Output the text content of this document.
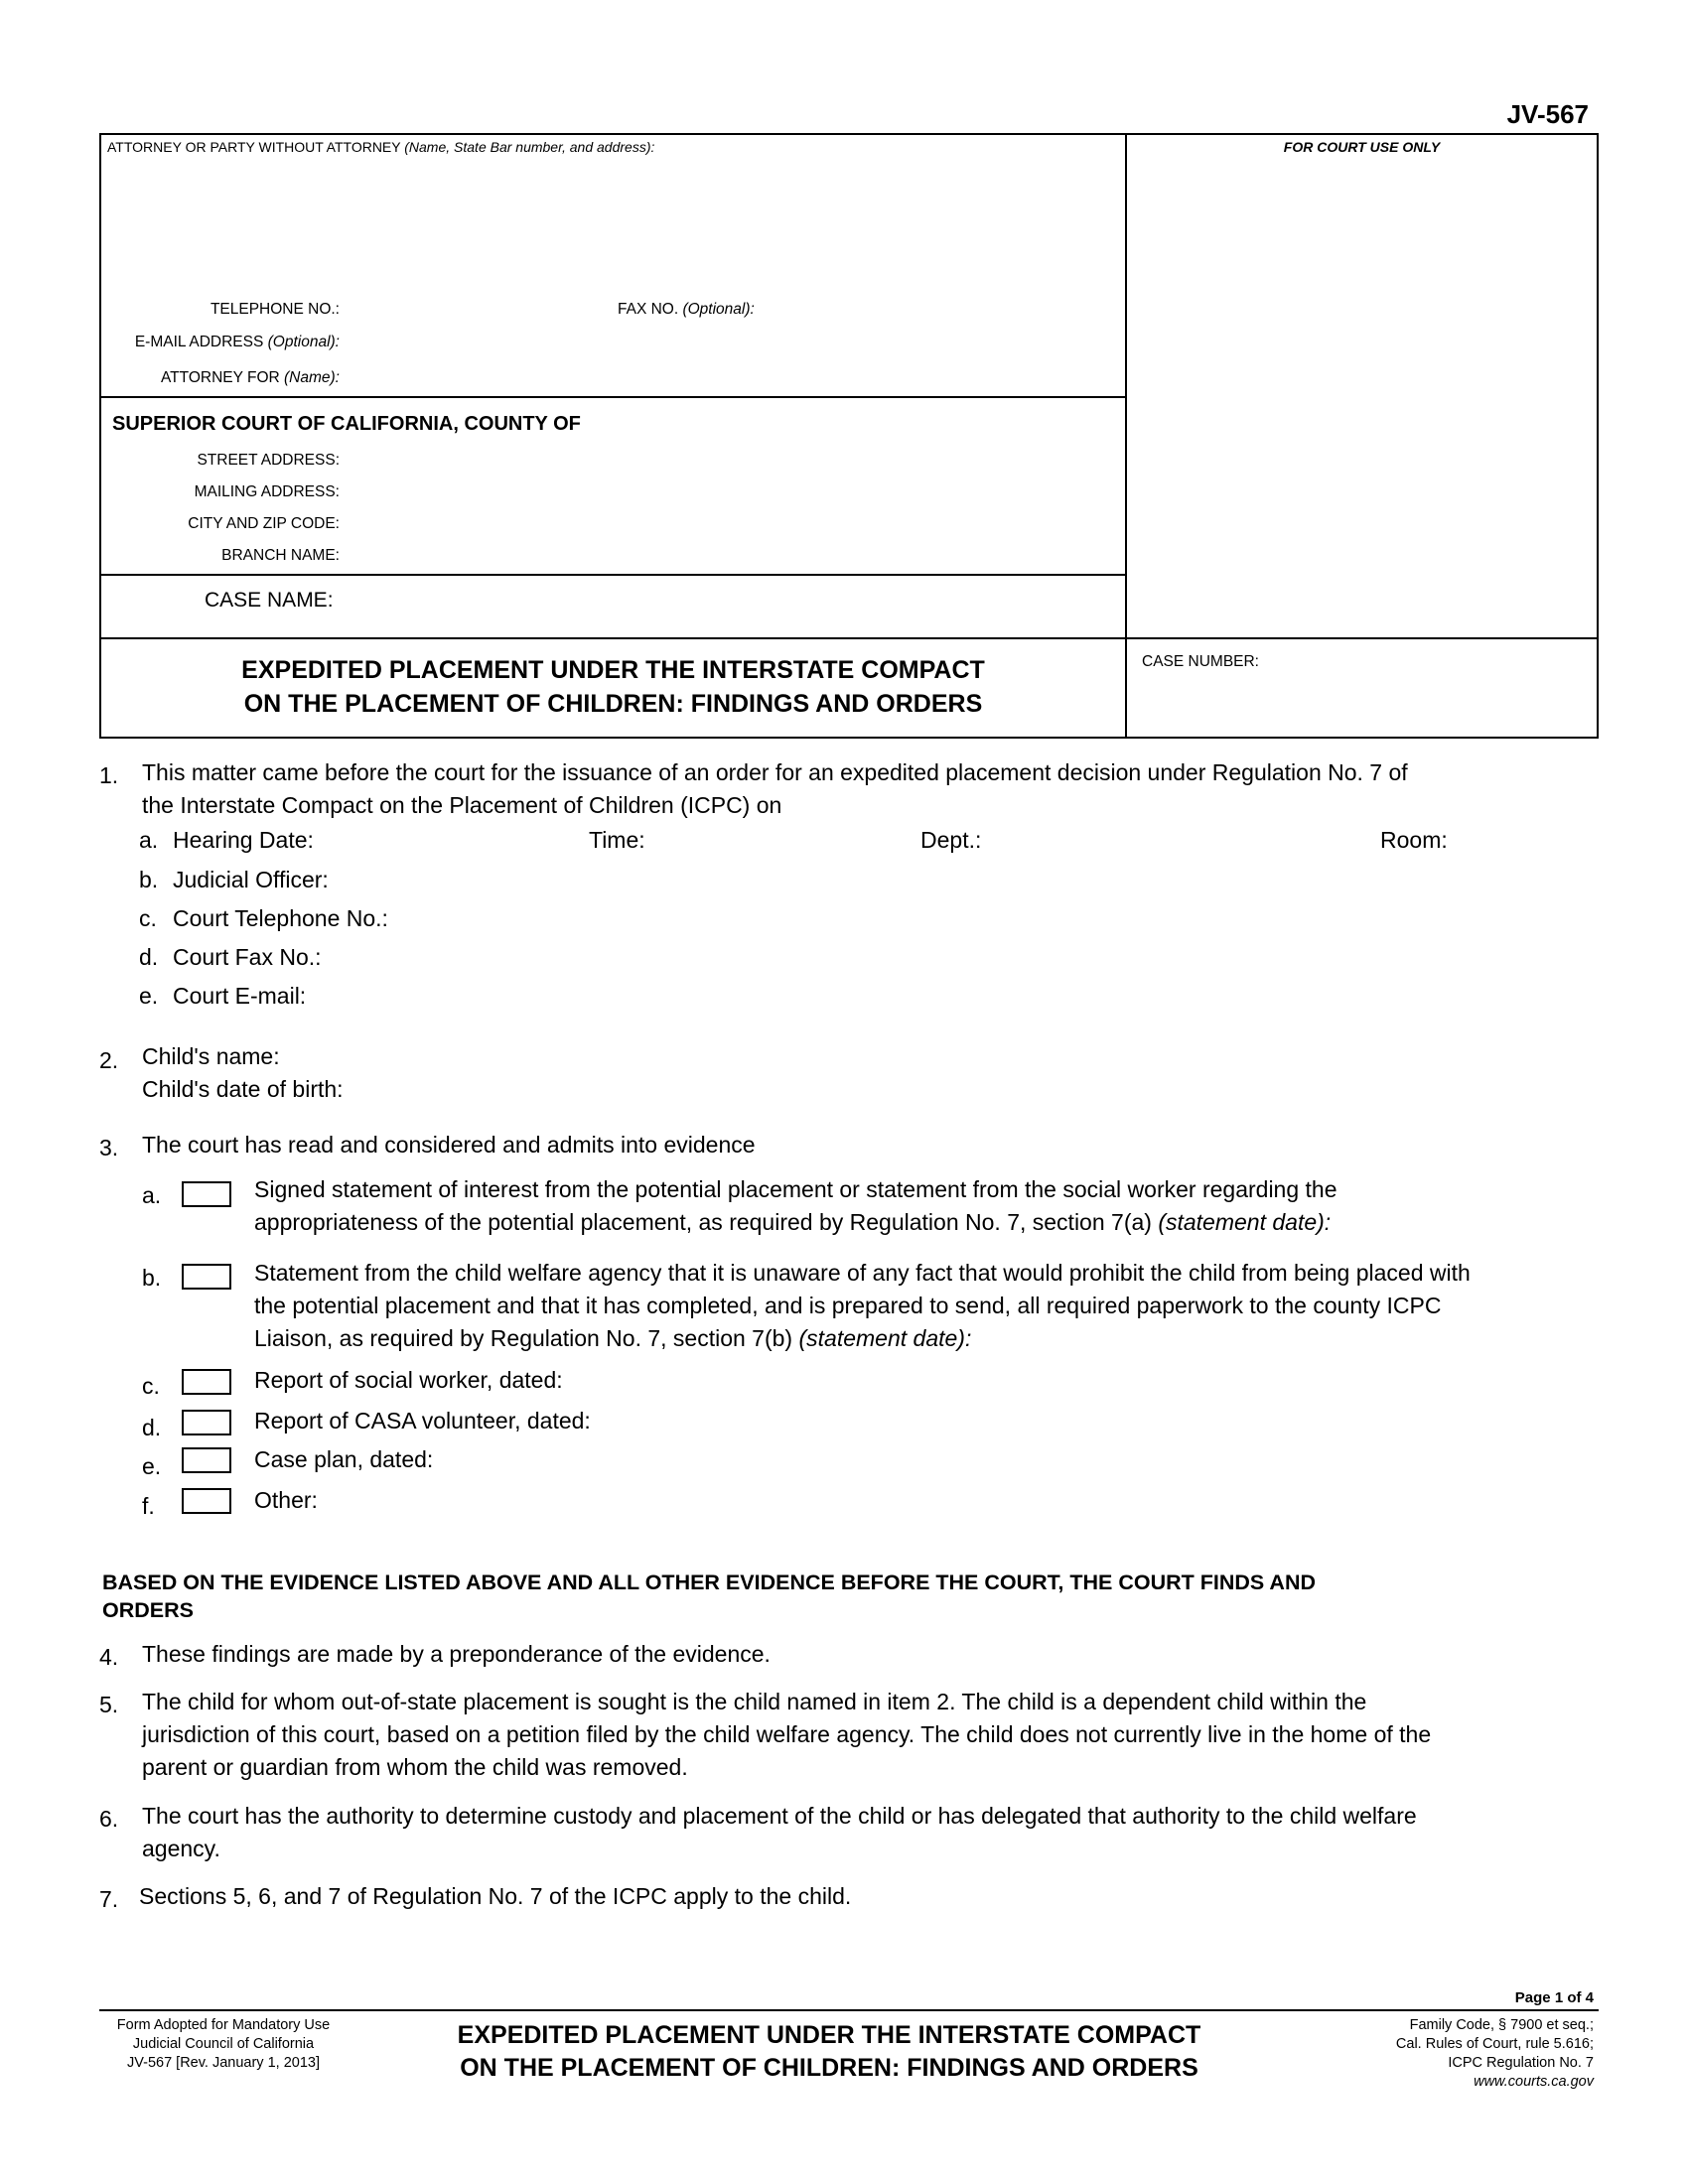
JV-567
ATTORNEY OR PARTY WITHOUT ATTORNEY (Name, State Bar number, and address):	FOR COURT USE ONLY
TELEPHONE NO.:	FAX NO. (Optional):
E-MAIL ADDRESS (Optional):
ATTORNEY FOR (Name):
SUPERIOR COURT OF CALIFORNIA, COUNTY OF
STREET ADDRESS:
MAILING ADDRESS:
CITY AND ZIP CODE:
BRANCH NAME:
CASE NAME:
EXPEDITED PLACEMENT UNDER THE INTERSTATE COMPACT
ON THE PLACEMENT OF CHILDREN: FINDINGS AND ORDERS
CASE NUMBER:
1. This matter came before the court for the issuance of an order for an expedited placement decision under Regulation No. 7 of
the Interstate Compact on the Placement of Children (ICPC) on
a. Hearing Date:	Time:	Dept.:	Room:
b. Judicial Officer:
c. Court Telephone No.:
d. Court Fax No.:
e. Court E-mail:
2. Child's name:
Child's date of birth:
3. The court has read and considered and admits into evidence
a.	Signed statement of interest from the potential placement or statement from the social worker regarding the
appropriateness of the potential placement, as required by Regulation No. 7, section 7(a) (statement date):
b.	Statement from the child welfare agency that it is unaware of any fact that would prohibit the child from being placed with
the potential placement and that it has completed, and is prepared to send, all required paperwork to the county ICPC
Liaison, as required by Regulation No. 7, section 7(b) (statement date):
c.	Report of social worker, dated:
d.	Report of CASA volunteer, dated:
e.	Case plan, dated:
f.	Other:
BASED ON THE EVIDENCE LISTED ABOVE AND ALL OTHER EVIDENCE BEFORE THE COURT, THE COURT FINDS AND
ORDERS
4. These findings are made by a preponderance of the evidence.
5. The child for whom out-of-state placement is sought is the child named in item 2. The child is a dependent child within the
jurisdiction of this court, based on a petition filed by the child welfare agency. The child does not currently live in the home of the
parent or guardian from whom the child was removed.
6. The court has the authority to determine custody and placement of the child or has delegated that authority to the child welfare
agency.
7. Sections 5, 6, and 7 of Regulation No. 7 of the ICPC apply to the child.
Page 1 of 4
Form Adopted for Mandatory Use
Judicial Council of California
JV-567 [Rev. January 1, 2013]
EXPEDITED PLACEMENT UNDER THE INTERSTATE COMPACT
ON THE PLACEMENT OF CHILDREN: FINDINGS AND ORDERS
Family Code, § 7900 et seq.;
Cal. Rules of Court, rule 5.616;
ICPC Regulation No. 7
www.courts.ca.gov
